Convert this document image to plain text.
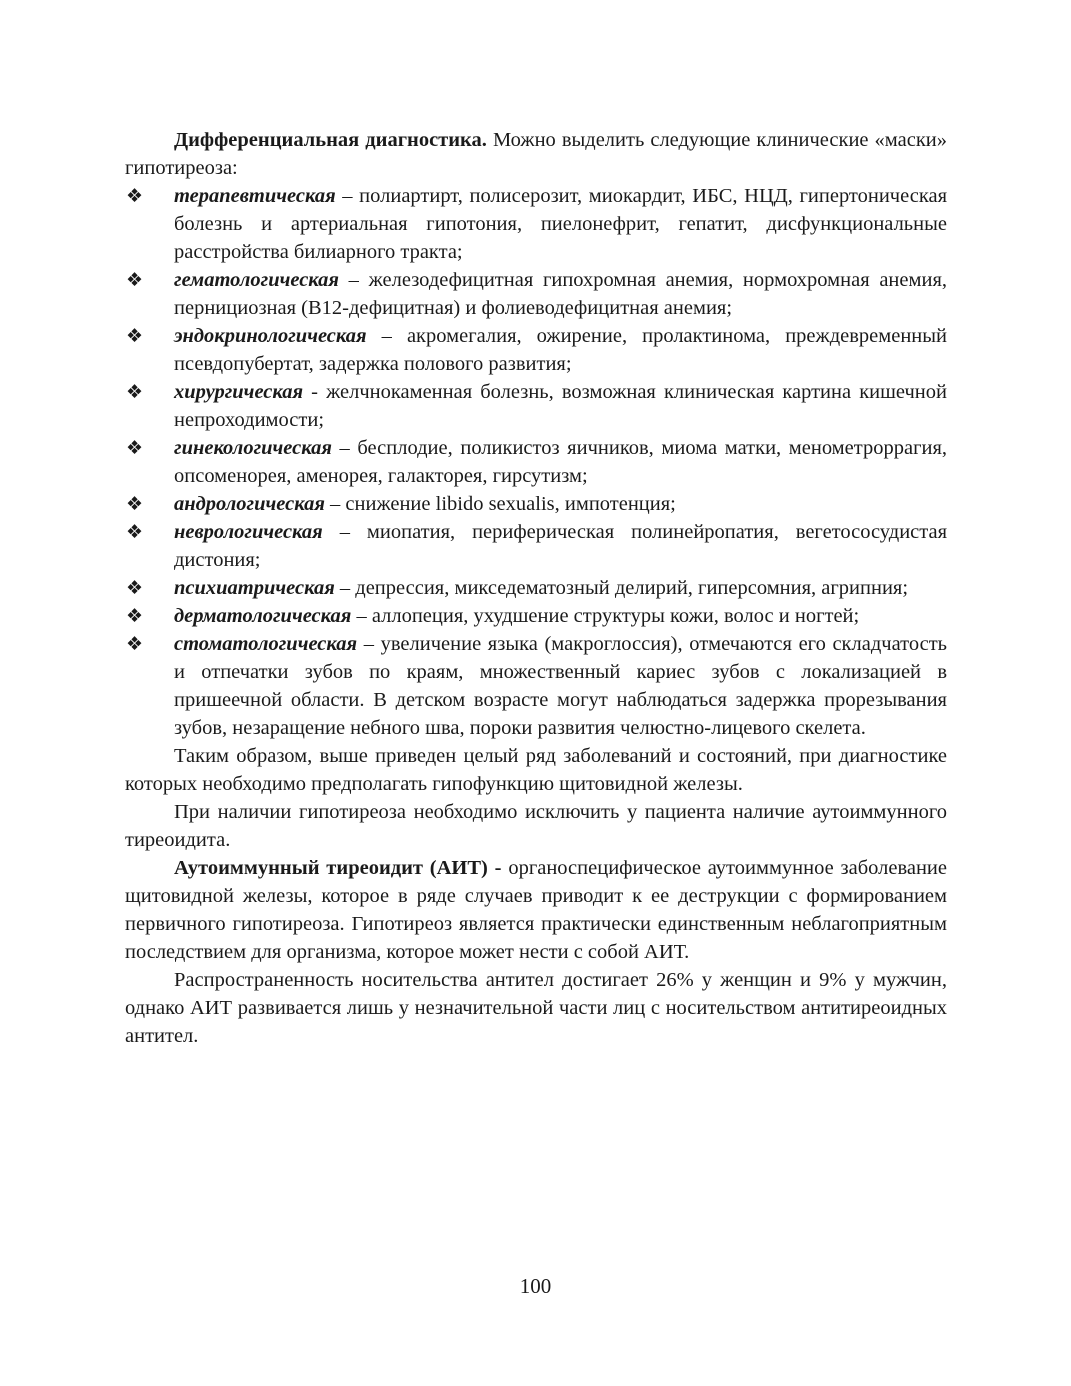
Дифференциальная диагностика. Можно выделить следующие клинические «маски» гипотиреоза:

❖ терапевтическая – полиартирт, полисерозит, миокардит, ИБС, НЦД, гипертоническая болезнь и артериальная гипотония, пиелонефрит, гепатит, дисфункциональные расстройства билиарного тракта;
❖ гематологическая – железодефицитная гипохромная анемия, нормохромная анемия, пернициозная (В12-дефицитная) и фолиеводефицитная анемия;
❖ эндокринологическая – акромегалия, ожирение, пролактинома, преждевременный псевдопубертат, задержка полового развития;
❖ хирургическая - желчнокаменная болезнь, возможная клиническая картина кишечной непроходимости;
❖ гинекологическая – бесплодие, поликистоз яичников, миома матки, менометроррагия, опсоменорея, аменорея, галакторея, гирсутизм;
❖ андрологическая – снижение libido sexualis, импотенция;
❖ неврологическая – миопатия, периферическая полинейропатия, вегетососудистая дистония;
❖ психиатрическая – депрессия, микседематозный делирий, гиперсомния, агрипния;
❖ дерматологическая – аллопеция, ухудшение структуры кожи, волос и ногтей;
❖ стоматологическая – увеличение языка (макроглоссия), отмечаются его складчатость и отпечатки зубов по краям, множественный кариес зубов с локализацией в пришеечной области. В детском возрасте могут наблюдаться задержка прорезывания зубов, незаращение небного шва, пороки развития челюстно-лицевого скелета.

Таким образом, выше приведен целый ряд заболеваний и состояний, при диагностике которых необходимо предполагать гипофункцию щитовидной железы.

При наличии гипотиреоза необходимо исключить у пациента наличие аутоиммунного тиреоидита.

Аутоиммунный тиреоидит (АИТ) - органоспецифическое аутоиммунное заболевание щитовидной железы, которое в ряде случаев приводит к ее деструкции с формированием первичного гипотиреоза. Гипотиреоз является практически единственным неблагоприятным последствием для организма, которое может нести с собой АИТ.

Распространенность носительства антител достигает 26% у женщин и 9% у мужчин, однако АИТ развивается лишь у незначительной части лиц с носительством антитиреоидных антител.

100
